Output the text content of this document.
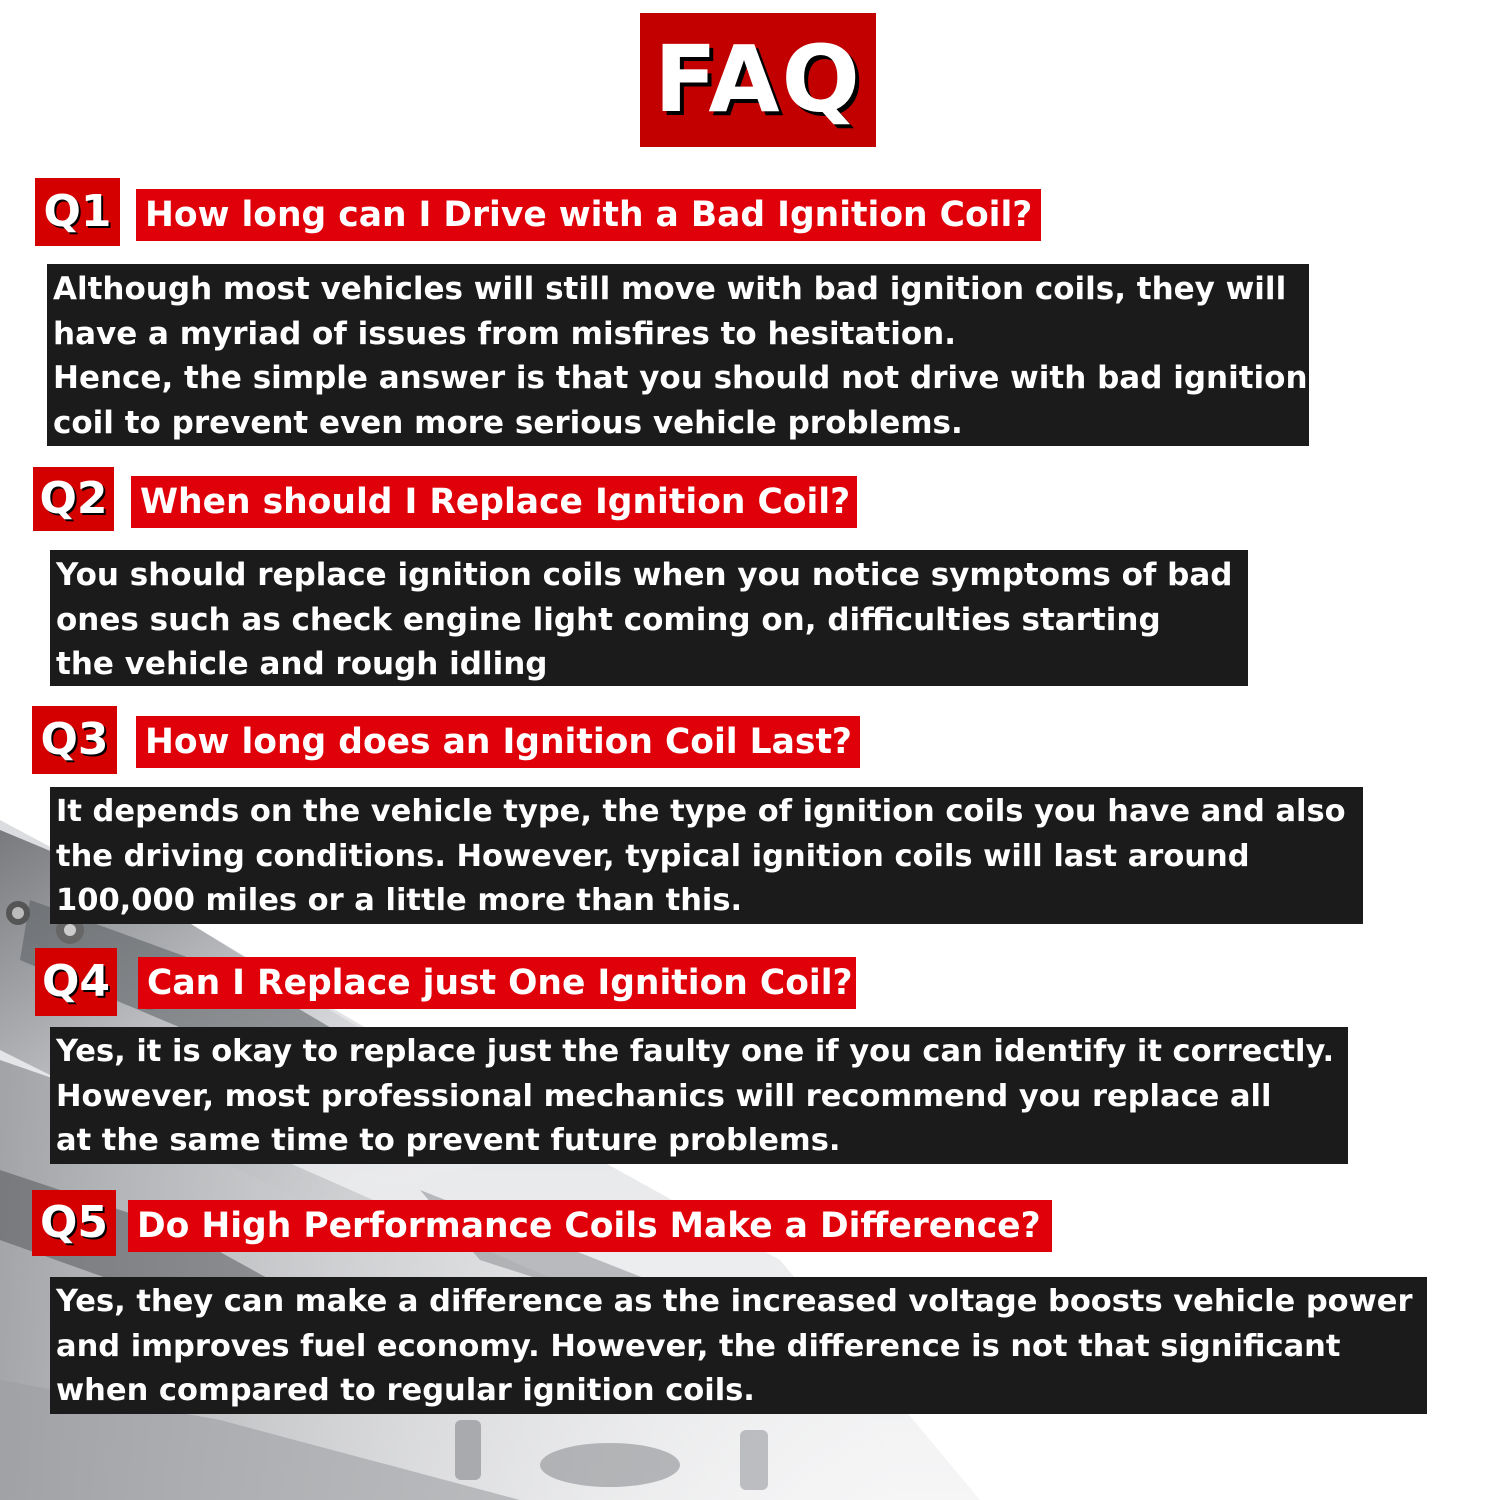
FAQ
Q1 How long can I Drive with a Bad Ignition Coil?
Although most vehicles will still move with bad ignition coils, they will
have a myriad of issues from misfires to hesitation.
Hence, the simple answer is that you should not drive with bad ignition
coil to prevent even more serious vehicle problems.
Q2 When should I Replace Ignition Coil?
You should replace ignition coils when you notice symptoms of bad
ones such as check engine light coming on, difficulties starting
the vehicle and rough idling
Q3 How long does an Ignition Coil Last?
It depends on the vehicle type, the type of ignition coils you have and also
the driving conditions. However, typical ignition coils will last around
100,000 miles or a little more than this.
Q4 Can I Replace just One Ignition Coil?
Yes, it is okay to replace just the faulty one if you can identify it correctly.
However, most professional mechanics will recommend you replace all
at the same time to prevent future problems.
Q5 Do High Performance Coils Make a Difference?
Yes, they can make a difference as the increased voltage boosts vehicle power
and improves fuel economy. However, the difference is not that significant
when compared to regular ignition coils.
